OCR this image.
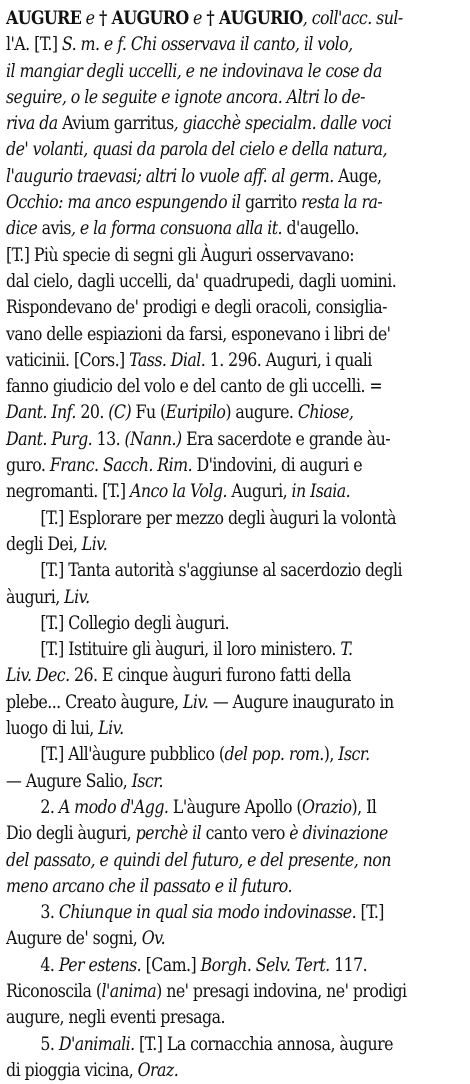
AUGURE e † AUGURO e † AUGURIO, coll'acc. sul-
l'A. [T.] S. m. e f. Chi osservava il canto, il volo,
il mangiar degli uccelli, e ne indovinava le cose da
seguire, o le seguite e ignote ancora. Altri lo de-
riva da Avium garritus, giacchè specialm. dalle voci
de' volanti, quasi da parola del cielo e della natura,
l'augurio traevasi; altri lo vuole aff. al germ. Auge,
Occhio: ma anco espungendo il garrito resta la ra-
dice avis, e la forma consuona alla it. d'augello.
[T.] Più specie di segni gli Àuguri osservavano:
dal cielo, dagli uccelli, da' quadrupedi, dagli uomini.
Rispondevano de' prodigi e degli oracoli, consiglia-
vano delle espiazioni da farsi, esponevano i libri de'
vaticinii. [Cors.] Tass. Dial. 1. 296. Auguri, i quali
fanno giudicio del volo e del canto de gli uccelli. =
Dant. Inf. 20. (C) Fu (Euripilo) augure. Chiose,
Dant. Purg. 13. (Nann.) Era sacerdote e grande àu-
guro. Franc. Sacch. Rim. D'indovini, di auguri e
negromanti. [T.] Anco la Volg. Auguri, in Isaia.
[T.] Esplorare per mezzo degli àuguri la volontà
degli Dei, Liv.
[T.] Tanta autorità s'aggiunse al sacerdozio degli
àuguri, Liv.
[T.] Collegio degli àuguri.
[T.] Istituire gli àuguri, il loro ministero. T.
Liv. Dec. 26. E cinque àuguri furono fatti della
plebe... Creato àugure, Liv. — Augure inaugurato in
luogo di lui, Liv.
[T.] All'àugure pubblico (del pop. rom.), Iscr.
— Augure Salio, Iscr.
2. A modo d'Agg. L'àugure Apollo (Orazio), Il
Dio degli àuguri, perchè il canto vero è divinazione
del passato, e quindi del futuro, e del presente, non
meno arcano che il passato e il futuro.
3. Chiunque in qual sia modo indovinasse. [T.]
Augure de' sogni, Ov.
4. Per estens. [Cam.] Borgh. Selv. Tert. 117.
Riconoscila (l'anima) ne' presagi indovina, ne' prodigi
augure, negli eventi presaga.
5. D'animali. [T.] La cornacchia annosa, àugure
di pioggia vicina, Oraz.
